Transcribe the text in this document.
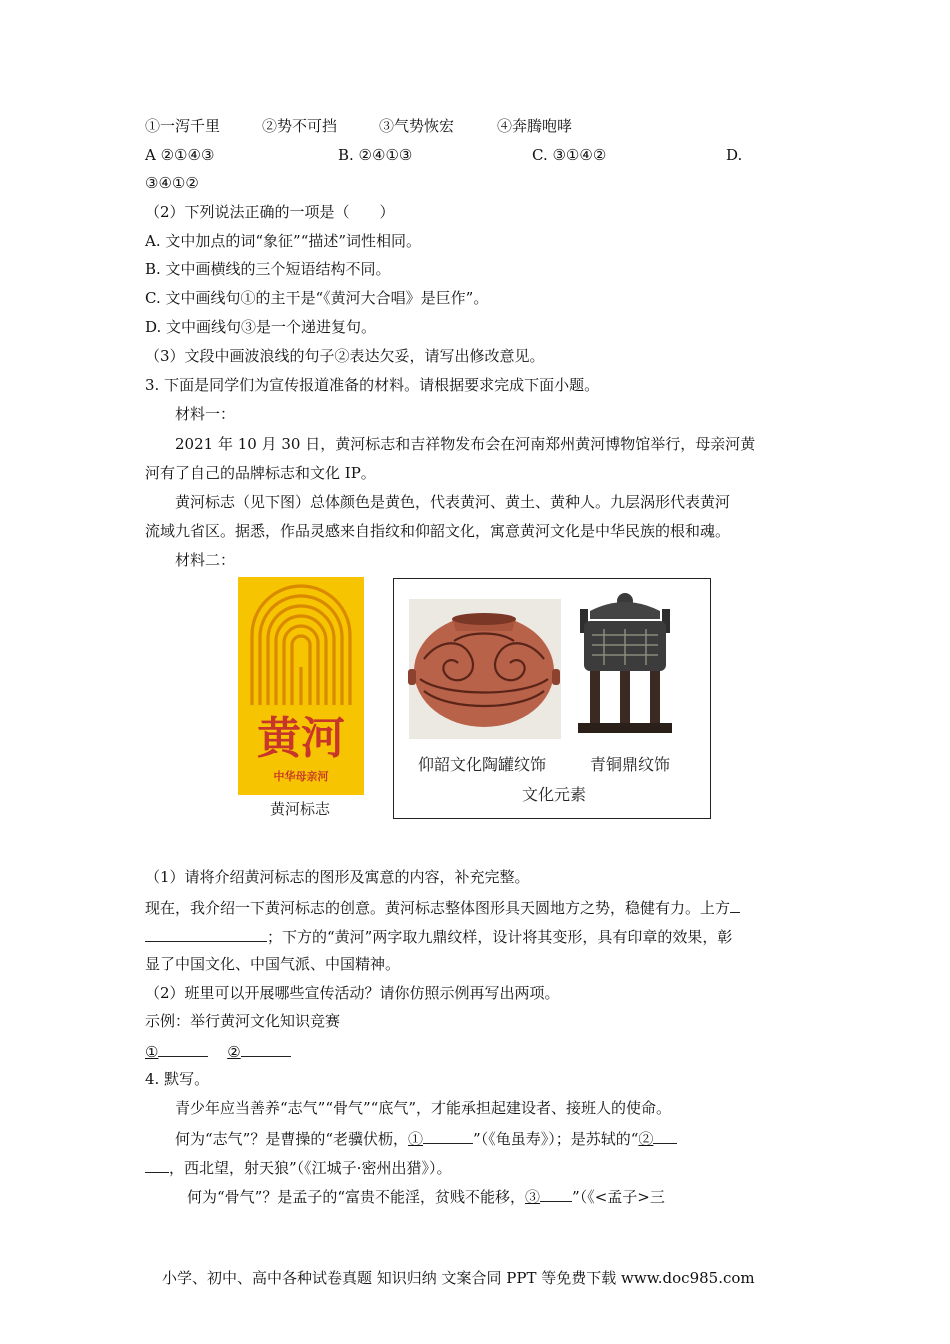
①一泻千里	②势不可挡	③气势恢宏	④奔腾咆哮
A ②①④③	B. ②④①③	C. ③①④②	D.
③④①②
（2）下列说法正确的一项是（　　）
A. 文中加点的词“象征”“描述”词性相同。
B. 文中画横线的三个短语结构不同。
C. 文中画线句①的主干是“《黄河大合唱》是巨作”。
D. 文中画线句③是一个递进复句。
（3）文段中画波浪线的句子②表达欠妥，请写出修改意见。
3. 下面是同学们为宣传报道准备的材料。请根据要求完成下面小题。
材料一：
2021 年 10 月 30 日，黄河标志和吉祥物发布会在河南郑州黄河博物馆举行，母亲河黄
河有了自己的品牌标志和文化 IP。
黄河标志（见下图）总体颜色是黄色，代表黄河、黄土、黄种人。九层涡形代表黄河
流域九省区。据悉，作品灵感来自指纹和仰韶文化，寓意黄河文化是中华民族的根和魂。
材料二：
黄河
中华母亲河
黄河标志
仰韶文化陶罐纹饰	青铜鼎纹饰
文化元素
（1）请将介绍黄河标志的图形及寓意的内容，补充完整。
现在，我介绍一下黄河标志的创意。黄河标志整体图形具天圆地方之势，稳健有力。上方
；下方的“黄河”两字取九鼎纹样，设计将其变形，具有印章的效果，彰
显了中国文化、中国气派、中国精神。
（2）班里可以开展哪些宣传活动？请你仿照示例再写出两项。
示例：举行黄河文化知识竞赛
①	②
4. 默写。
青少年应当善养“志气”“骨气”“底气”，才能承担起建设者、接班人的使命。
何为“志气”？是曹操的“老骥伏枥，①	”（《龟虽寿》）；是苏轼的“②
，西北望，射天狼”（《江城子·密州出猎》）。
何为“骨气”？是孟子的“富贵不能淫，贫贱不能移，③ ”（《<孟子>三
小学、初中、高中各种试卷真题 知识归纳 文案合同 PPT 等免费下载 www.doc985.com
